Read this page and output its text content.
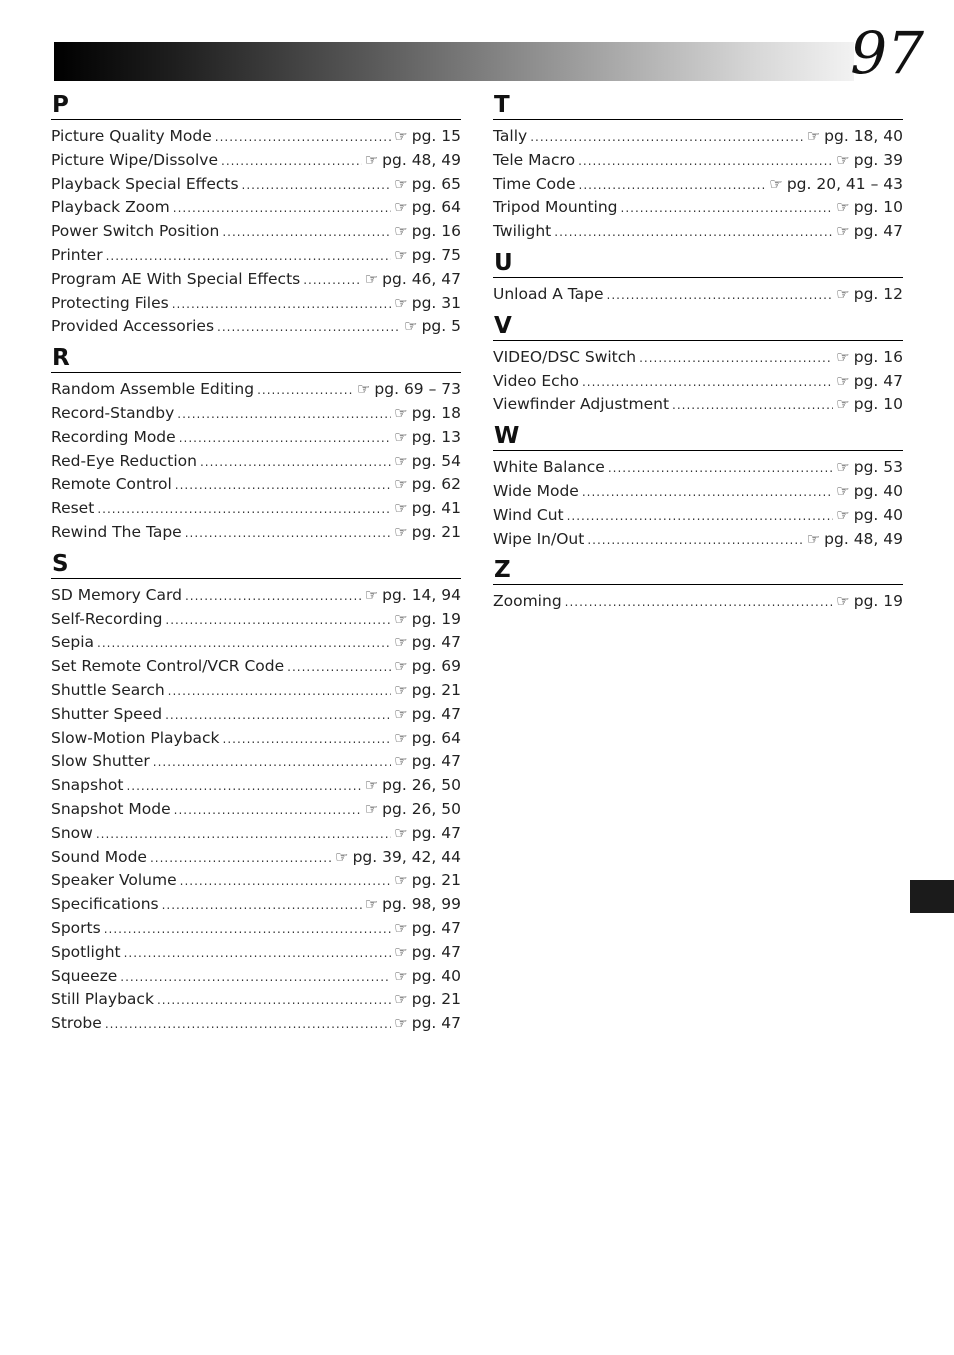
97
P
Picture Quality Mode .....	☞ pg. 15
Picture Wipe/Dissolve .....	☞ pg. 48, 49
Playback Special Effects .....	☞ pg. 65
Playback Zoom .....	☞ pg. 64
Power Switch Position .....	☞ pg. 16
Printer .....	☞ pg. 75
Program AE With Special Effects .....	☞ pg. 46, 47
Protecting Files .....	☞ pg. 31
Provided Accessories .....	☞ pg. 5
R
Random Assemble Editing .....	☞ pg. 69 – 73
Record-Standby .....	☞ pg. 18
Recording Mode .....	☞ pg. 13
Red-Eye Reduction .....	☞ pg. 54
Remote Control .....	☞ pg. 62
Reset .....	☞ pg. 41
Rewind The Tape .....	☞ pg. 21
S
SD Memory Card .....	☞ pg. 14, 94
Self-Recording .....	☞ pg. 19
Sepia .....	☞ pg. 47
Set Remote Control/VCR Code .....	☞ pg. 69
Shuttle Search .....	☞ pg. 21
Shutter Speed .....	☞ pg. 47
Slow-Motion Playback .....	☞ pg. 64
Slow Shutter .....	☞ pg. 47
Snapshot .....	☞ pg. 26, 50
Snapshot Mode .....	☞ pg. 26, 50
Snow .....	☞ pg. 47
Sound Mode .....	☞ pg. 39, 42, 44
Speaker Volume .....	☞ pg. 21
Specifications .....	☞ pg. 98, 99
Sports .....	☞ pg. 47
Spotlight .....	☞ pg. 47
Squeeze .....	☞ pg. 40
Still Playback .....	☞ pg. 21
Strobe .....	☞ pg. 47
T
Tally .....	☞ pg. 18, 40
Tele Macro .....	☞ pg. 39
Time Code .....	☞ pg. 20, 41 – 43
Tripod Mounting .....	☞ pg. 10
Twilight .....	☞ pg. 47
U
Unload A Tape .....	☞ pg. 12
V
VIDEO/DSC Switch .....	☞ pg. 16
Video Echo .....	☞ pg. 47
Viewfinder Adjustment .....	☞ pg. 10
W
White Balance .....	☞ pg. 53
Wide Mode .....	☞ pg. 40
Wind Cut .....	☞ pg. 40
Wipe In/Out .....	☞ pg. 48, 49
Z
Zooming .....	☞ pg. 19
